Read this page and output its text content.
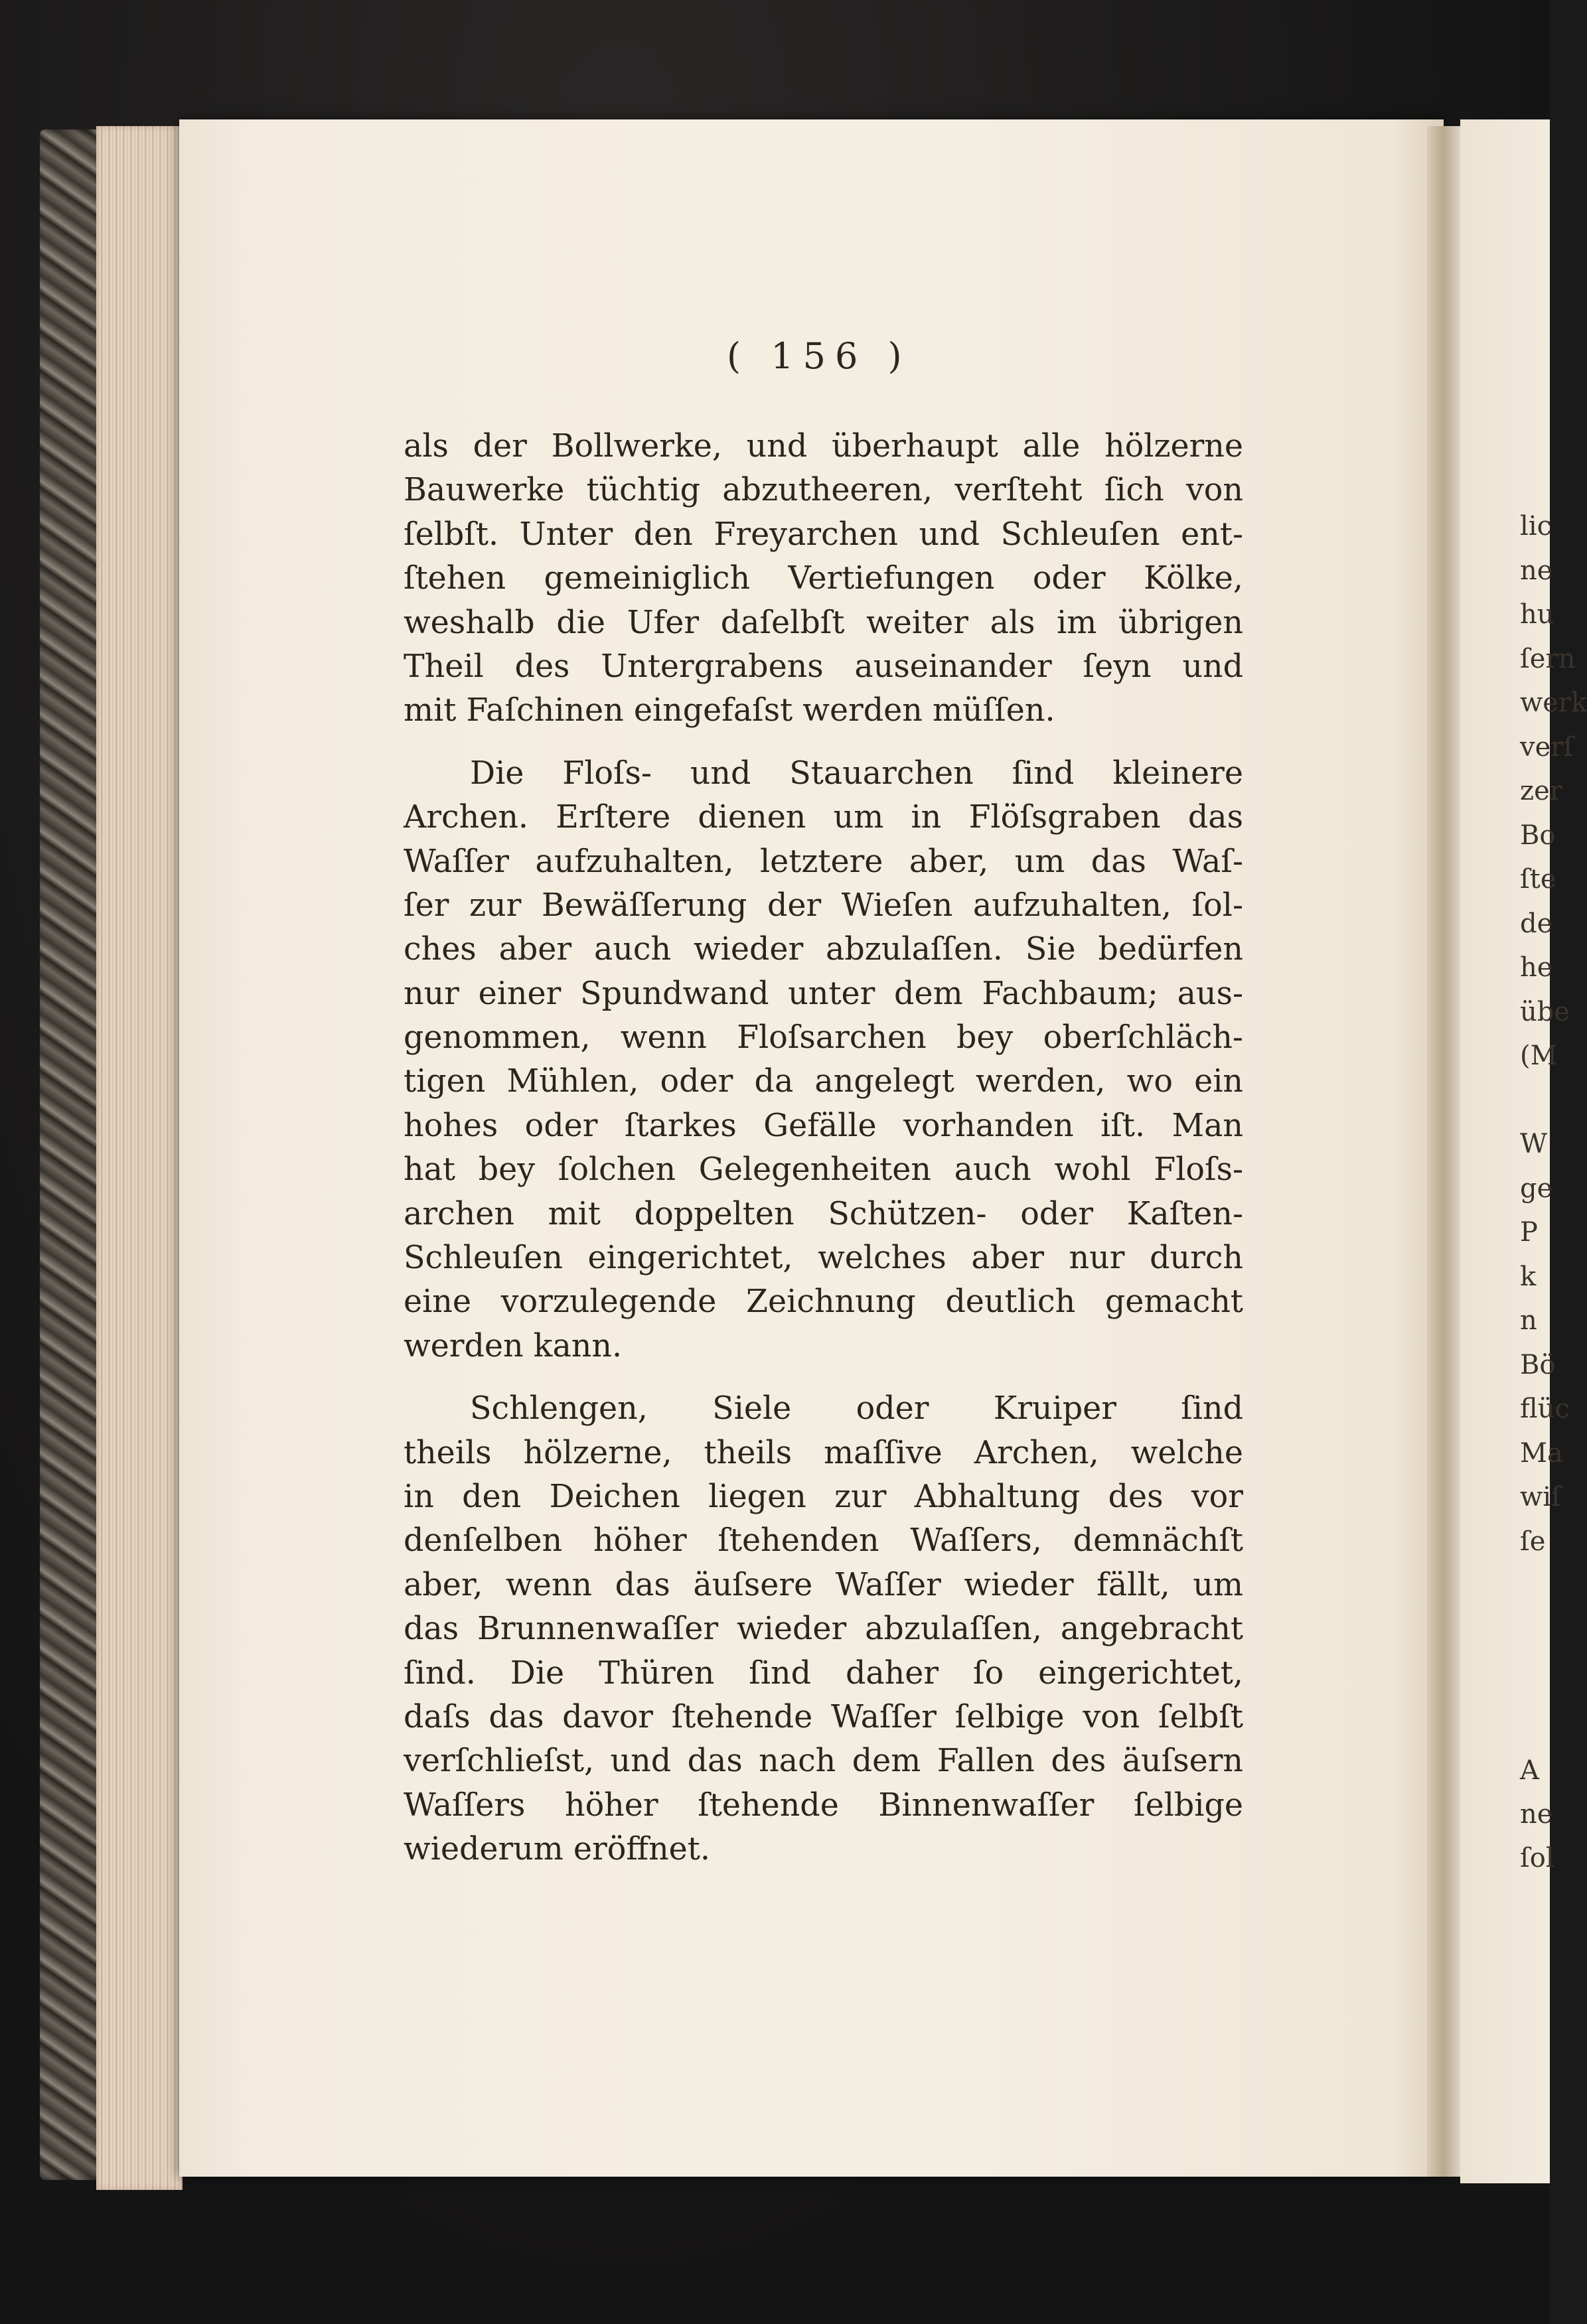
lic
ne
hu
ſern
werk
verſ
zer
Bo
ſte
de
he
übe
(M
W
ge
P
k
n
Bö
flüc
Ma
wiſ
ſe
A
ne
ſol
( 156 )
als der Bollwerke, und überhaupt alle hölzerne
Bauwerke tüchtig abzutheeren, verſteht ſich von
ſelbſt. Unter den Freyarchen und Schleuſen ent-
ſtehen gemeiniglich Vertiefungen oder Kölke,
weshalb die Ufer daſelbſt weiter als im übrigen
Theil des Untergrabens auseinander ſeyn und
mit Faſchinen eingefaſst werden müſſen.
Die Floſs- und Stauarchen ſind kleinere
Archen. Erſtere dienen um in Flöſsgraben das
Waſſer aufzuhalten, letztere aber, um das Waſ-
ſer zur Bewäſſerung der Wieſen aufzuhalten, ſol-
ches aber auch wieder abzulaſſen. Sie bedürfen
nur einer Spundwand unter dem Fachbaum; aus-
genommen, wenn Floſsarchen bey oberſchläch-
tigen Mühlen, oder da angelegt werden, wo ein
hohes oder ſtarkes Gefälle vorhanden iſt. Man
hat bey ſolchen Gelegenheiten auch wohl Floſs-
archen mit doppelten Schützen- oder Kaſten-
Schleuſen eingerichtet, welches aber nur durch
eine vorzulegende Zeichnung deutlich gemacht
werden kann.
Schlengen, Siele oder Kruiper ſind
theils hölzerne, theils maſſive Archen, welche
in den Deichen liegen zur Abhaltung des vor
denſelben höher ſtehenden Waſſers, demnächſt
aber, wenn das äuſsere Waſſer wieder fällt, um
das Brunnenwaſſer wieder abzulaſſen, angebracht
ſind. Die Thüren ſind daher ſo eingerichtet,
daſs das davor ſtehende Waſſer ſelbige von ſelbſt
verſchlieſst, und das nach dem Fallen des äuſsern
Waſſers höher ſtehende Binnenwaſſer ſelbige
wiederum eröffnet.
